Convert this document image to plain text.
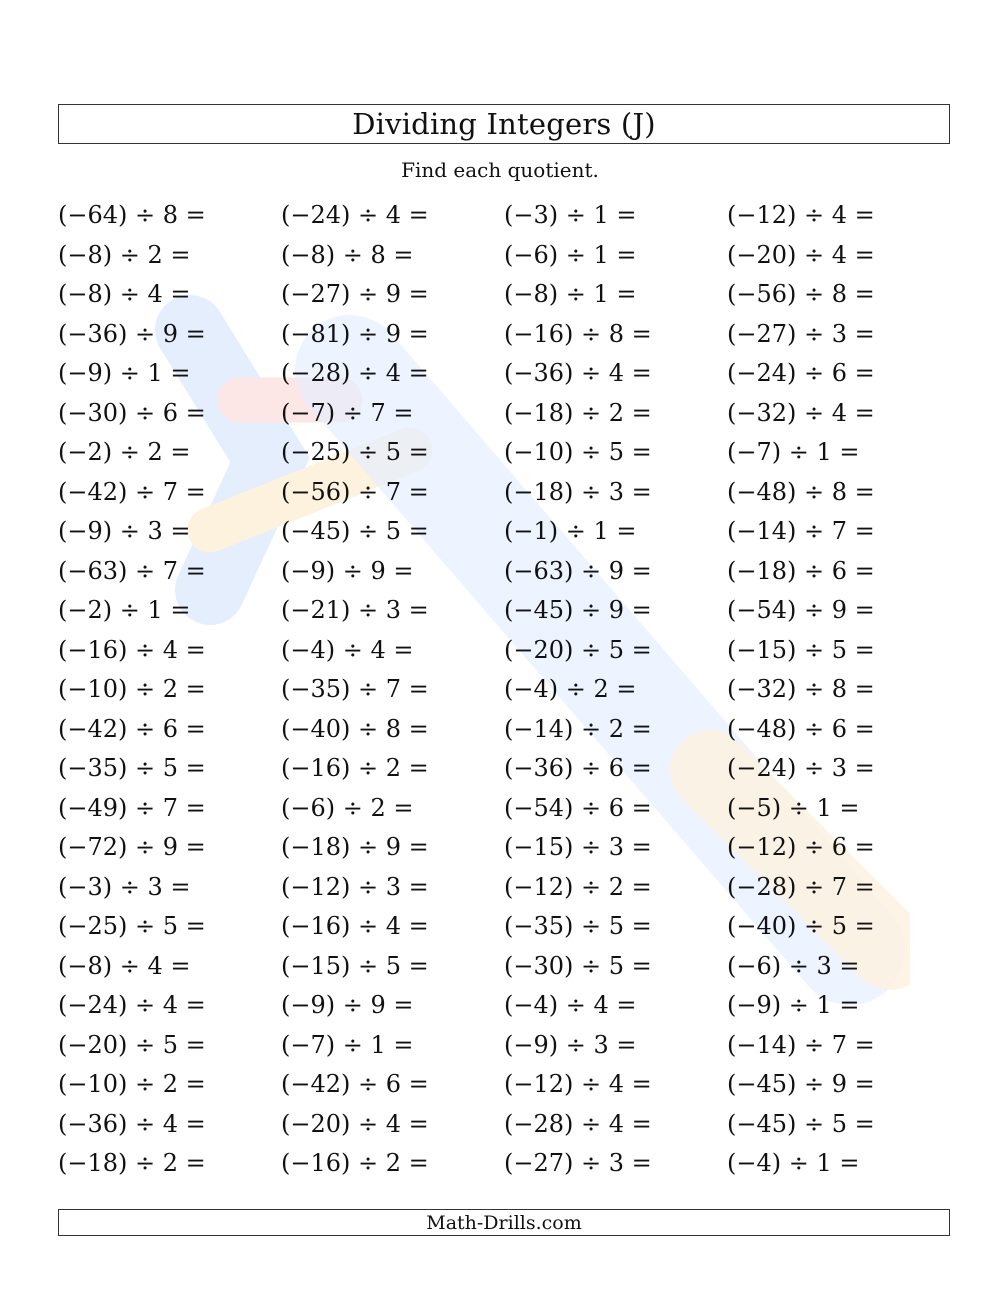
Dividing Integers (J)
Find each quotient.
(−64) ÷ 8 =	(−24) ÷ 4 =	(−3) ÷ 1 =	(−12) ÷ 4 =
(−8) ÷ 2 =	(−8) ÷ 8 =	(−6) ÷ 1 =	(−20) ÷ 4 =
(−8) ÷ 4 =	(−27) ÷ 9 =	(−8) ÷ 1 =	(−56) ÷ 8 =
(−36) ÷ 9 =	(−81) ÷ 9 =	(−16) ÷ 8 =	(−27) ÷ 3 =
(−9) ÷ 1 =	(−28) ÷ 4 =	(−36) ÷ 4 =	(−24) ÷ 6 =
(−30) ÷ 6 =	(−7) ÷ 7 =	(−18) ÷ 2 =	(−32) ÷ 4 =
(−2) ÷ 2 =	(−25) ÷ 5 =	(−10) ÷ 5 =	(−7) ÷ 1 =
(−42) ÷ 7 =	(−56) ÷ 7 =	(−18) ÷ 3 =	(−48) ÷ 8 =
(−9) ÷ 3 =	(−45) ÷ 5 =	(−1) ÷ 1 =	(−14) ÷ 7 =
(−63) ÷ 7 =	(−9) ÷ 9 =	(−63) ÷ 9 =	(−18) ÷ 6 =
(−2) ÷ 1 =	(−21) ÷ 3 =	(−45) ÷ 9 =	(−54) ÷ 9 =
(−16) ÷ 4 =	(−4) ÷ 4 =	(−20) ÷ 5 =	(−15) ÷ 5 =
(−10) ÷ 2 =	(−35) ÷ 7 =	(−4) ÷ 2 =	(−32) ÷ 8 =
(−42) ÷ 6 =	(−40) ÷ 8 =	(−14) ÷ 2 =	(−48) ÷ 6 =
(−35) ÷ 5 =	(−16) ÷ 2 =	(−36) ÷ 6 =	(−24) ÷ 3 =
(−49) ÷ 7 =	(−6) ÷ 2 =	(−54) ÷ 6 =	(−5) ÷ 1 =
(−72) ÷ 9 =	(−18) ÷ 9 =	(−15) ÷ 3 =	(−12) ÷ 6 =
(−3) ÷ 3 =	(−12) ÷ 3 =	(−12) ÷ 2 =	(−28) ÷ 7 =
(−25) ÷ 5 =	(−16) ÷ 4 =	(−35) ÷ 5 =	(−40) ÷ 5 =
(−8) ÷ 4 =	(−15) ÷ 5 =	(−30) ÷ 5 =	(−6) ÷ 3 =
(−24) ÷ 4 =	(−9) ÷ 9 =	(−4) ÷ 4 =	(−9) ÷ 1 =
(−20) ÷ 5 =	(−7) ÷ 1 =	(−9) ÷ 3 =	(−14) ÷ 7 =
(−10) ÷ 2 =	(−42) ÷ 6 =	(−12) ÷ 4 =	(−45) ÷ 9 =
(−36) ÷ 4 =	(−20) ÷ 4 =	(−28) ÷ 4 =	(−45) ÷ 5 =
(−18) ÷ 2 =	(−16) ÷ 2 =	(−27) ÷ 3 =	(−4) ÷ 1 =
Math-Drills.com
